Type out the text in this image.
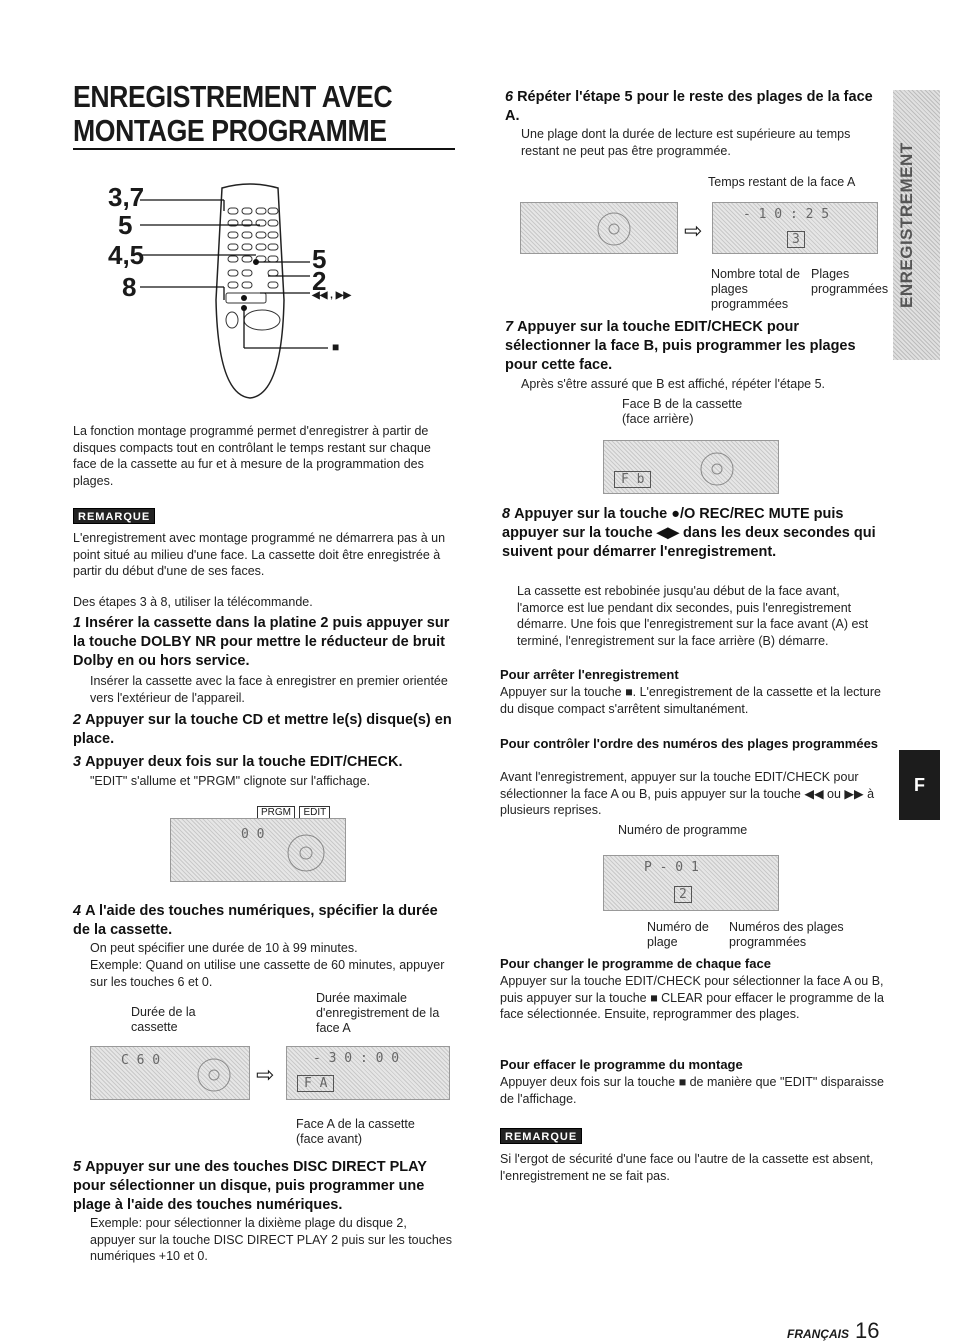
ENREGISTREMENT AVEC
MONTAGE PROGRAMME
3,7
5
4,5
8
5
2
◀◀ , ▶▶
■
La fonction montage programmé permet d'enregistrer à partir de disques compacts tout en contrôlant le temps restant sur chaque face de la cassette au fur et à mesure de la programmation des plages.
REMARQUE
L'enregistrement avec montage programmé ne démarrera pas à un point situé au milieu d'une face. La cassette doit être enregistrée à partir du début d'une de ses faces.
Des étapes 3 à 8, utiliser la télécommande.
1 Insérer la cassette dans la platine 2 puis appuyer sur la touche DOLBY NR pour mettre le réducteur de bruit Dolby en ou hors service.
Insérer la cassette avec la face à enregistrer en premier orientée vers l'extérieur de l'appareil.
2 Appuyer sur la touche CD et mettre le(s) disque(s) en place.
3 Appuyer deux fois sur la touche EDIT/CHECK.
"EDIT" s'allume et "PRGM" clignote sur l'affichage.
PRGM EDIT
0 0
4 A l'aide des touches numériques, spécifier la durée de la cassette.
On peut spécifier une durée de 10 à 99 minutes.
Exemple: Quand on utilise une cassette de 60 minutes, appuyer sur les touches 6 et 0.
Durée de la cassette
Durée maximale d'enregistrement de la face A
C 6 0
⇨
- 3 0 : 0 0
F A
Face A de la cassette (face avant)
5 Appuyer sur une des touches DISC DIRECT PLAY pour sélectionner un disque, puis programmer une plage à l'aide des touches numériques.
Exemple: pour sélectionner la dixième plage du disque 2, appuyer sur la touche DISC DIRECT PLAY 2 puis sur les touches numériques +10 et 0.
6 Répéter l'étape 5 pour le reste des plages de la face A.
Une plage dont la durée de lecture est supérieure au temps restant ne peut pas être programmée.
Temps restant de la face A
⇨
- 1 0 : 2 5
3
Nombre total de plages programmées
Plages programmées
7 Appuyer sur la touche EDIT/CHECK pour sélectionner la face B, puis programmer les plages pour cette face.
Après s'être assuré que B est affiché, répéter l'étape 5.
Face B de la cassette (face arrière)
F b
8 Appuyer sur la touche ●/O REC/REC MUTE puis appuyer sur la touche ◀▶ dans les deux secondes qui suivent pour démarrer l'enregistrement.
La cassette est rebobinée jusqu'au début de la face avant, l'amorce est lue pendant dix secondes, puis l'enregistrement démarre. Une fois que l'enregistrement sur la face avant (A) est terminé, l'enregistrement sur la face arrière (B) démarre.
Pour arrêter l'enregistrement
Appuyer sur la touche ■. L'enregistrement de la cassette et la lecture du disque compact s'arrêtent simultanément.
Pour contrôler l'ordre des numéros des plages programmées
Avant l'enregistrement, appuyer sur la touche EDIT/CHECK pour sélectionner la face A ou B, puis appuyer sur la touche ◀◀ ou ▶▶ à plusieurs reprises.
Numéro de programme
P - 0 1
2
Numéro de plage
Numéros des plages programmées
Pour changer le programme de chaque face
Appuyer sur la touche EDIT/CHECK pour sélectionner la face A ou B, puis appuyer sur la touche ■ CLEAR pour effacer le programme de la face sélectionnée. Ensuite, reprogrammer des plages.
Pour effacer le programme du montage
Appuyer deux fois sur la touche ■ de manière que "EDIT" disparaisse de l'affichage.
REMARQUE
Si l'ergot de sécurité d'une face ou l'autre de la cassette est absent, l'enregistrement ne se fait pas.
ENREGISTREMENT
F
FRANÇAIS 16
